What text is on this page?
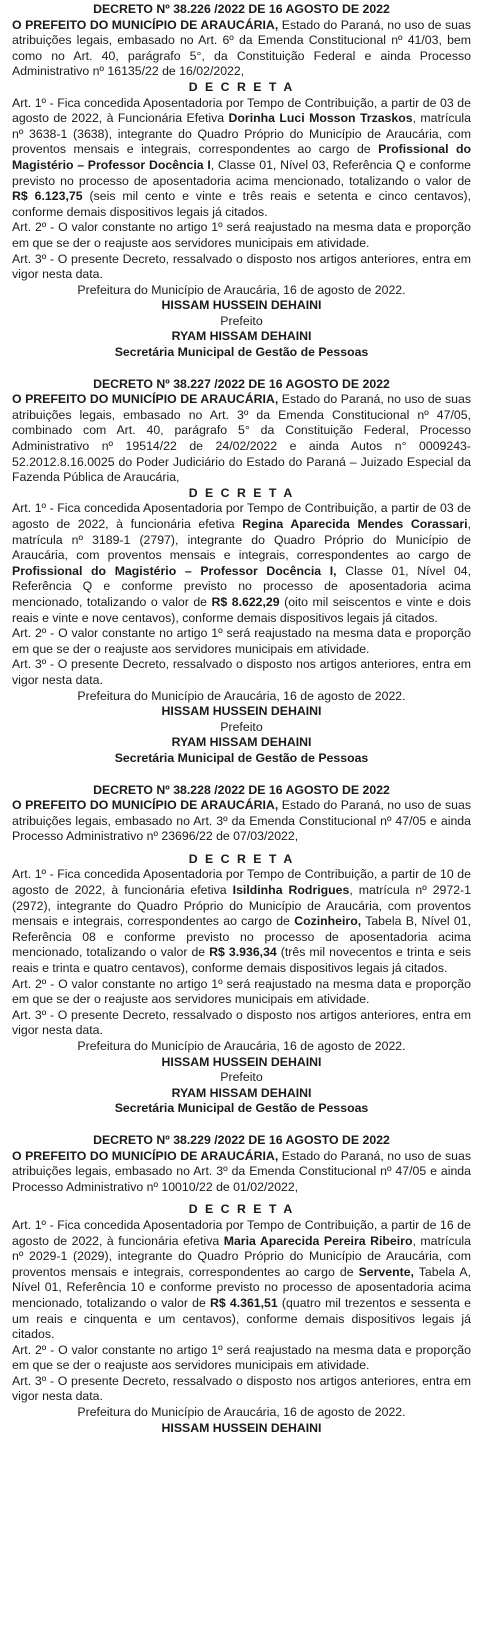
DECRETO Nº 38.226 /2022 DE 16 AGOSTO DE 2022

O PREFEITO DO MUNICÍPIO DE ARAUCÁRIA, Estado do Paraná, no uso de suas atribuições legais, embasado no Art. 6º da Emenda Constitucional nº 41/03, bem como no Art. 40, parágrafo 5°, da Constituição Federal e ainda Processo Administrativo nº 16135/22 de 16/02/2022,

D E C R E T A

Art. 1º - Fica concedida Aposentadoria por Tempo de Contribuição, a partir de 03 de agosto de 2022, à Funcionária Efetiva Dorinha Luci Mosson Trzaskos, matrícula nº 3638-1 (3638), integrante do Quadro Próprio do Município de Araucária, com proventos mensais e integrais, correspondentes ao cargo de Profissional do Magistério – Professor Docência I, Classe 01, Nível 03, Referência Q e conforme previsto no processo de aposentadoria acima mencionado, totalizando o valor de R$ 6.123,75 (seis mil cento e vinte e três reais e setenta e cinco centavos), conforme demais dispositivos legais já citados.

Art. 2º - O valor constante no artigo 1º será reajustado na mesma data e proporção em que se der o reajuste aos servidores municipais em atividade.

Art. 3º - O presente Decreto, ressalvado o disposto nos artigos anteriores, entra em vigor nesta data.

Prefeitura do Município de Araucária, 16 de agosto de 2022.

HISSAM HUSSEIN DEHAINI

Prefeito

RYAM HISSAM DEHAINI

Secretária Municipal de Gestão de Pessoas

DECRETO Nº 38.227 /2022 DE 16 AGOSTO DE 2022

O PREFEITO DO MUNICÍPIO DE ARAUCÁRIA, Estado do Paraná, no uso de suas atribuições legais, embasado no Art. 3º da Emenda Constitucional nº 47/05, combinado com Art. 40, parágrafo 5° da Constituição Federal, Processo Administrativo nº 19514/22 de 24/02/2022 e ainda Autos n° 0009243-52.2012.8.16.0025 do Poder Judiciário do Estado do Paraná – Juizado Especial da Fazenda Pública de Araucária,

D E C R E T A

Art. 1º - Fica concedida Aposentadoria por Tempo de Contribuição, a partir de 03 de agosto de 2022, à funcionária efetiva Regina Aparecida Mendes Corassari, matrícula nº 3189-1 (2797), integrante do Quadro Próprio do Município de Araucária, com proventos mensais e integrais, correspondentes ao cargo de Profissional do Magistério – Professor Docência I, Classe 01, Nível 04, Referência Q e conforme previsto no processo de aposentadoria acima mencionado, totalizando o valor de R$ 8.622,29 (oito mil seiscentos e vinte e dois reais e vinte e nove centavos), conforme demais dispositivos legais já citados.

Art. 2º - O valor constante no artigo 1º será reajustado na mesma data e proporção em que se der o reajuste aos servidores municipais em atividade.

Art. 3º - O presente Decreto, ressalvado o disposto nos artigos anteriores, entra em vigor nesta data.

Prefeitura do Município de Araucária, 16 de agosto de 2022.

HISSAM HUSSEIN DEHAINI

Prefeito

RYAM HISSAM DEHAINI

Secretária Municipal de Gestão de Pessoas

DECRETO Nº 38.228 /2022 DE 16 AGOSTO DE 2022

O PREFEITO DO MUNICÍPIO DE ARAUCÁRIA, Estado do Paraná, no uso de suas atribuições legais, embasado no Art. 3º da Emenda Constitucional nº 47/05 e ainda Processo Administrativo nº 23696/22 de 07/03/2022,

D E C R E T A

Art. 1º - Fica concedida Aposentadoria por Tempo de Contribuição, a partir de 10 de agosto de 2022, à funcionária efetiva Isildinha Rodrigues, matrícula nº 2972-1 (2972), integrante do Quadro Próprio do Município de Araucária, com proventos mensais e integrais, correspondentes ao cargo de Cozinheiro, Tabela B, Nível 01, Referência 08 e conforme previsto no processo de aposentadoria acima mencionado, totalizando o valor de R$ 3.936,34 (três mil novecentos e trinta e seis reais e trinta e quatro centavos), conforme demais dispositivos legais já citados.

Art. 2º - O valor constante no artigo 1º será reajustado na mesma data e proporção em que se der o reajuste aos servidores municipais em atividade.

Art. 3º - O presente Decreto, ressalvado o disposto nos artigos anteriores, entra em vigor nesta data.

Prefeitura do Município de Araucária, 16 de agosto de 2022.

HISSAM HUSSEIN DEHAINI

Prefeito

RYAM HISSAM DEHAINI

Secretária Municipal de Gestão de Pessoas

DECRETO Nº 38.229 /2022 DE 16 AGOSTO DE 2022

O PREFEITO DO MUNICÍPIO DE ARAUCÁRIA, Estado do Paraná, no uso de suas atribuições legais, embasado no Art. 3º da Emenda Constitucional nº 47/05 e ainda Processo Administrativo nº 10010/22 de 01/02/2022,

D E C R E T A

Art. 1º - Fica concedida Aposentadoria por Tempo de Contribuição, a partir de 16 de agosto de 2022, à funcionária efetiva Maria Aparecida Pereira Ribeiro, matrícula nº 2029-1 (2029), integrante do Quadro Próprio do Município de Araucária, com proventos mensais e integrais, correspondentes ao cargo de Servente, Tabela A, Nível 01, Referência 10 e conforme previsto no processo de aposentadoria acima mencionado, totalizando o valor de R$ 4.361,51 (quatro mil trezentos e sessenta e um reais e cinquenta e um centavos), conforme demais dispositivos legais já citados.

Art. 2º - O valor constante no artigo 1º será reajustado na mesma data e proporção em que se der o reajuste aos servidores municipais em atividade.

Art. 3º - O presente Decreto, ressalvado o disposto nos artigos anteriores, entra em vigor nesta data.

Prefeitura do Município de Araucária, 16 de agosto de 2022.

HISSAM HUSSEIN DEHAINI
